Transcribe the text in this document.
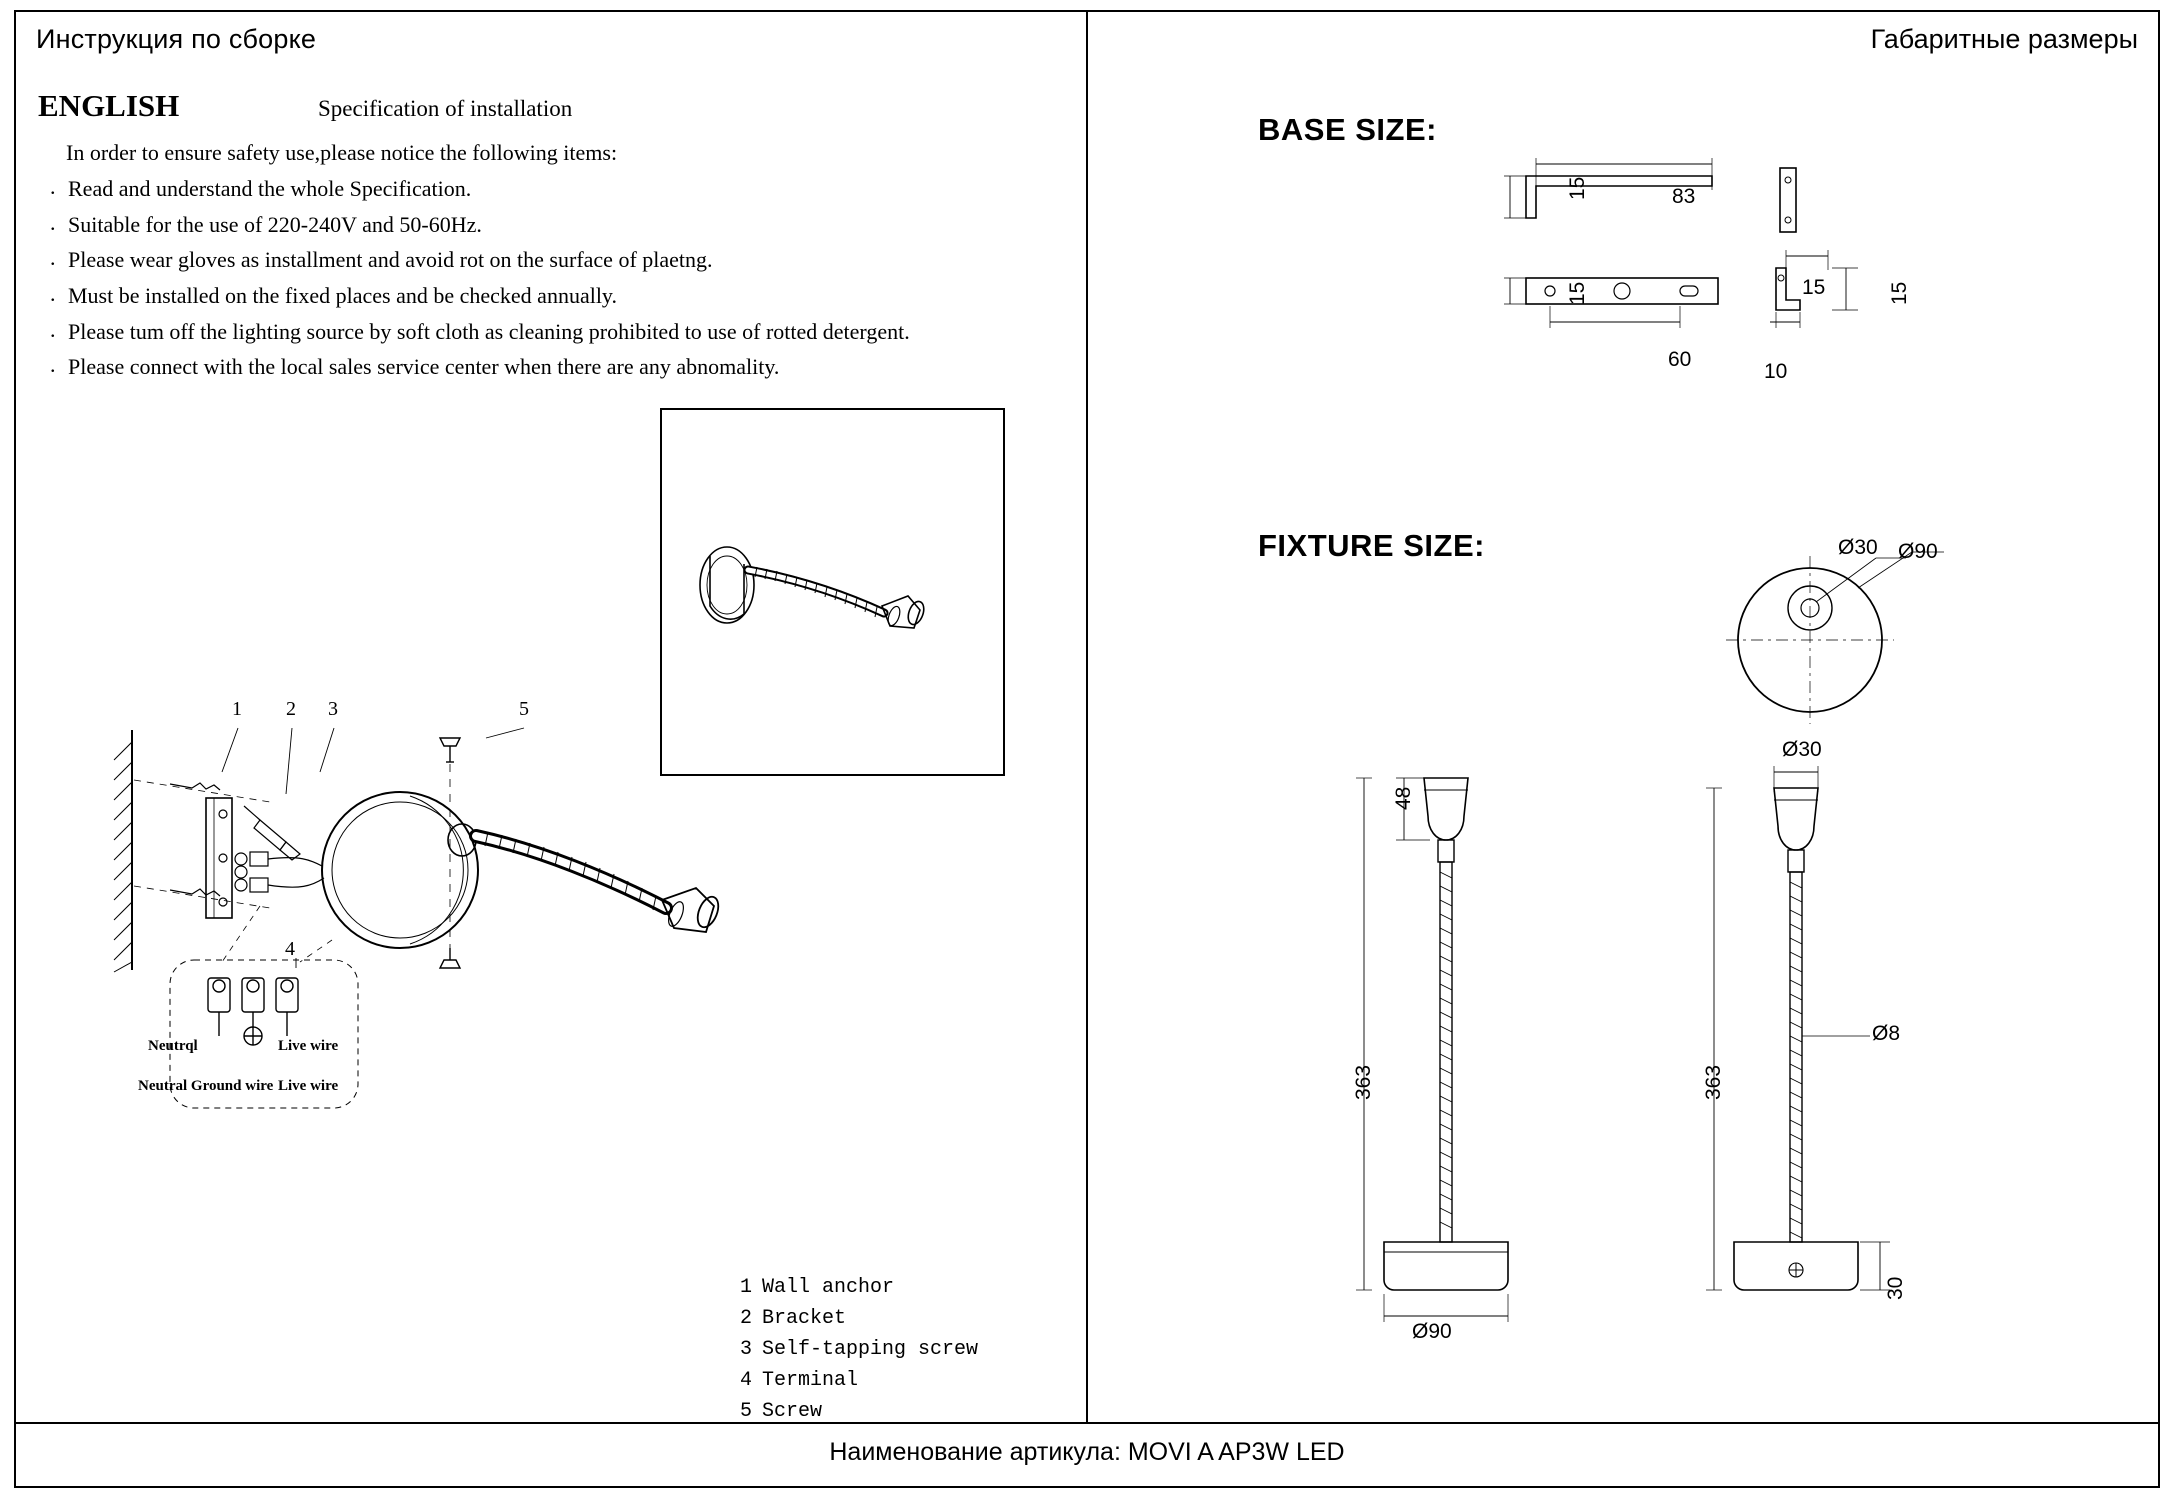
Инструкция по сборке	Габаритные размеры
ENGLISH	Specification of installation
In order to ensure safety use,please notice the following items:
. Read and understand the whole Specification.
. Suitable for the use of 220-240V and 50-60Hz.
. Please wear gloves as installment and avoid rot on the surface of plaetng.
. Must be installed on the fixed places and be checked annually.
. Please tum off the lighting source by soft cloth as cleaning prohibited to use of rotted detergent.
. Please connect with the local sales service center when there are any abnomality.
1 2 3
4
5
Neutrql	Live wire
Neutral Ground wire Live wire
1 Wall anchor
2 Bracket
3 Self-tapping screw
4 Terminal
5 Screw
BASE SIZE:
15	83
15
60
15	15
10
FIXTURE SIZE:	Ø30 Ø90
48
363
Ø90
Ø30
363
Ø8
30
Наименование артикула: MOVI A AP3W LED
